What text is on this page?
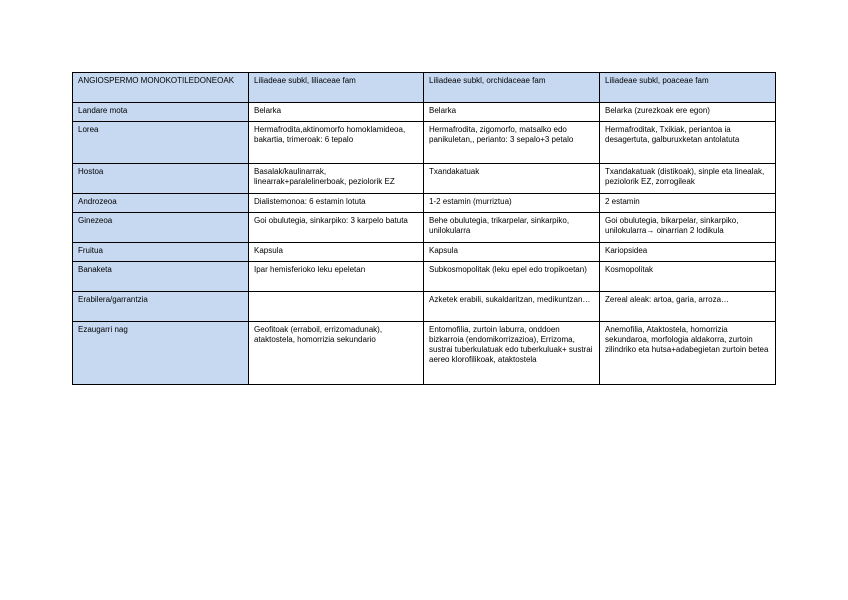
ANGIOSPERMO MONOKOTILEDONEOAK	Liliadeae subkl, liliaceae fam	Liliadeae subkl, orchidaceae fam	Liliadeae subkl, poaceae fam
Landare mota	Belarka	Belarka	Belarka (zurezkoak ere egon)
Lorea	Hermafrodita,aktinomorfo homoklamideoa, bakartia, trimeroak: 6 tepalo	Hermafrodita, zigomorfo, matsalko edo panikuletan,, perianto: 3 sepalo+3 petalo	Hermafroditak, Txikiak, periantoa ia desagertuta, galburuxketan antolatuta
Hostoa	Basalak/kaulinarrak, linearrak+paralelinerboak, peziolorik EZ	Txandakatuak	Txandakatuak (distikoak), sinple eta linealak, peziolorik EZ, zorrogileak
Androzeoa	Dialistemonoa: 6 estamin lotuta	1-2 estamin (murriztua)	2 estamin
Ginezeoa	Goi obulutegia, sinkarpiko: 3 karpelo batuta	Behe obulutegia, trikarpelar, sinkarpiko, unilokularra	Goi obulutegia, bikarpelar, sinkarpiko, unilokularra→ oinarrian 2 lodikula
Fruitua	Kapsula	Kapsula	Kariopsidea
Banaketa	Ipar hemisferioko leku epeletan	Subkosmopolitak (leku epel edo tropikoetan)	Kosmopolitak
Erabilera/garrantzia		Azketek erabili, sukaldaritzan, medikuntzan…	Zereal aleak: artoa, garia, arroza…
Ezaugarri nag	Geofitoak (erraboil, errizomadunak), ataktostela, homorrizia sekundario	Entomofilia, zurtoin laburra, onddoen bizkarroia (endomikorrizazioa), Errizoma, sustrai tuberkulatuak edo tuberkuluak+ sustrai aereo klorofilikoak, ataktostela	Anemofilia, Ataktostela, homorrizia sekundaroa, morfologia aldakorra, zurtoin zilindriko eta hutsa+adabegietan zurtoin betea
